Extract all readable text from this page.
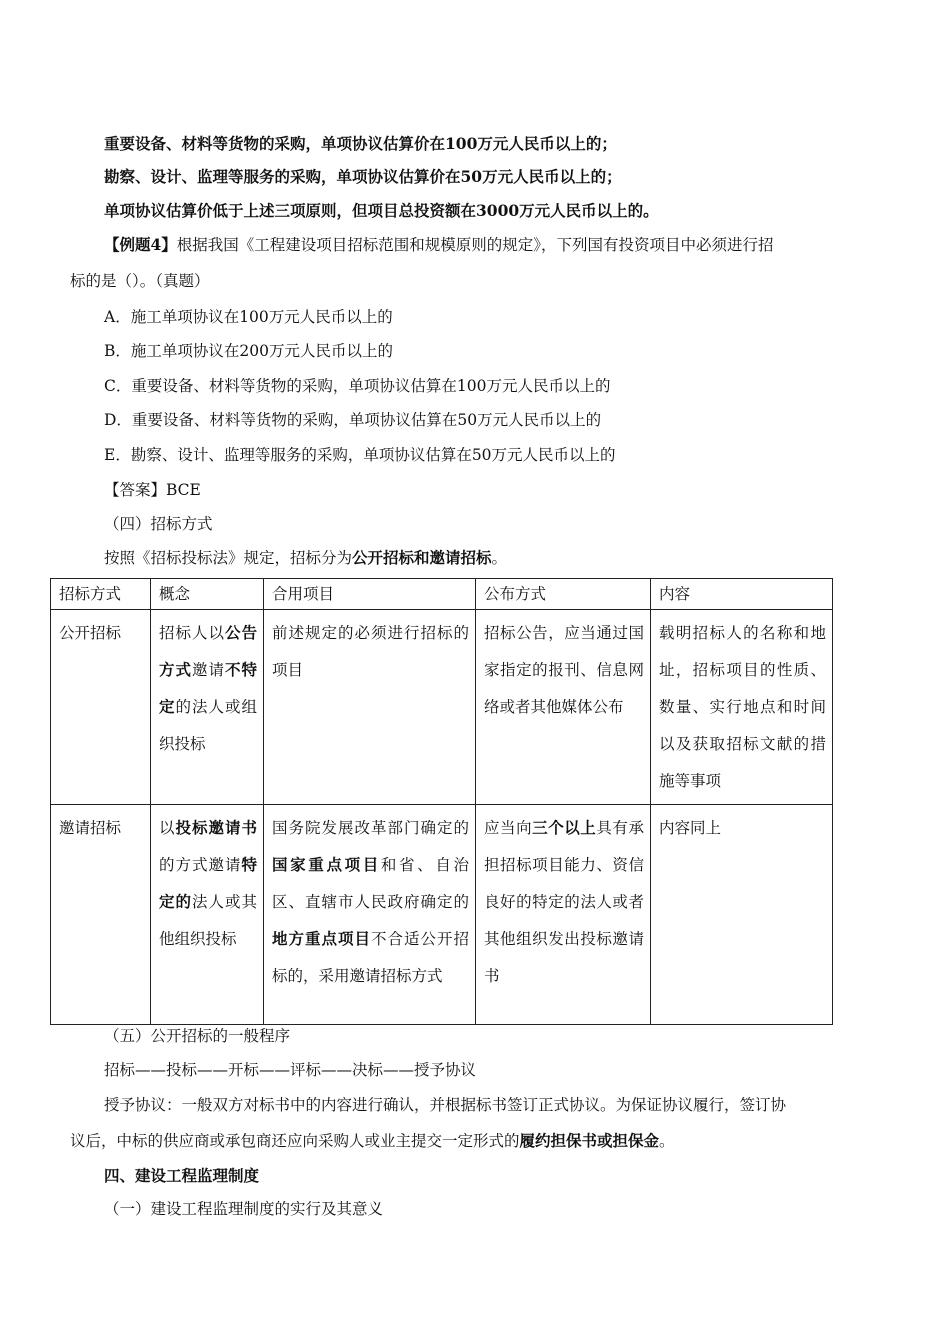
重要设备、材料等货物的采购，单项协议估算价在100万元人民币以上的；
勘察、设计、监理等服务的采购，单项协议估算价在50万元人民币以上的；
单项协议估算价低于上述三项原则，但项目总投资额在3000万元人民币以上的。
【例题4】根据我国《工程建设项目招标范围和规模原则的规定》，下列国有投资项目中必须进行招
标的是（）。（真题）
A．施工单项协议在100万元人民币以上的
B．施工单项协议在200万元人民币以上的
C．重要设备、材料等货物的采购，单项协议估算在100万元人民币以上的
D．重要设备、材料等货物的采购，单项协议估算在50万元人民币以上的
E．勘察、设计、监理等服务的采购，单项协议估算在50万元人民币以上的
【答案】BCE
（四）招标方式
按照《招标投标法》规定，招标分为公开招标和邀请招标。
招标方式	概念	合用项目	公布方式	内容
公开招标	招标人以公告方式邀请不特定的法人或组织投标	前述规定的必须进行招标的项目	招标公告，应当通过国家指定的报刊、信息网络或者其他媒体公布	载明招标人的名称和地址，招标项目的性质、数量、实行地点和时间以及获取招标文献的措施等事项
邀请招标	以投标邀请书的方式邀请特定的法人或其他组织投标	国务院发展改革部门确定的国家重点项目和省、自治区、直辖市人民政府确定的地方重点项目不合适公开招标的，采用邀请招标方式	应当向三个以上具有承担招标项目能力、资信良好的特定的法人或者其他组织发出投标邀请书	内容同上
（五）公开招标的一般程序
招标——投标——开标——评标——决标——授予协议
授予协议：一般双方对标书中的内容进行确认，并根据标书签订正式协议。为保证协议履行，签订协
议后，中标的供应商或承包商还应向采购人或业主提交一定形式的履约担保书或担保金。
四、建设工程监理制度
（一）建设工程监理制度的实行及其意义
